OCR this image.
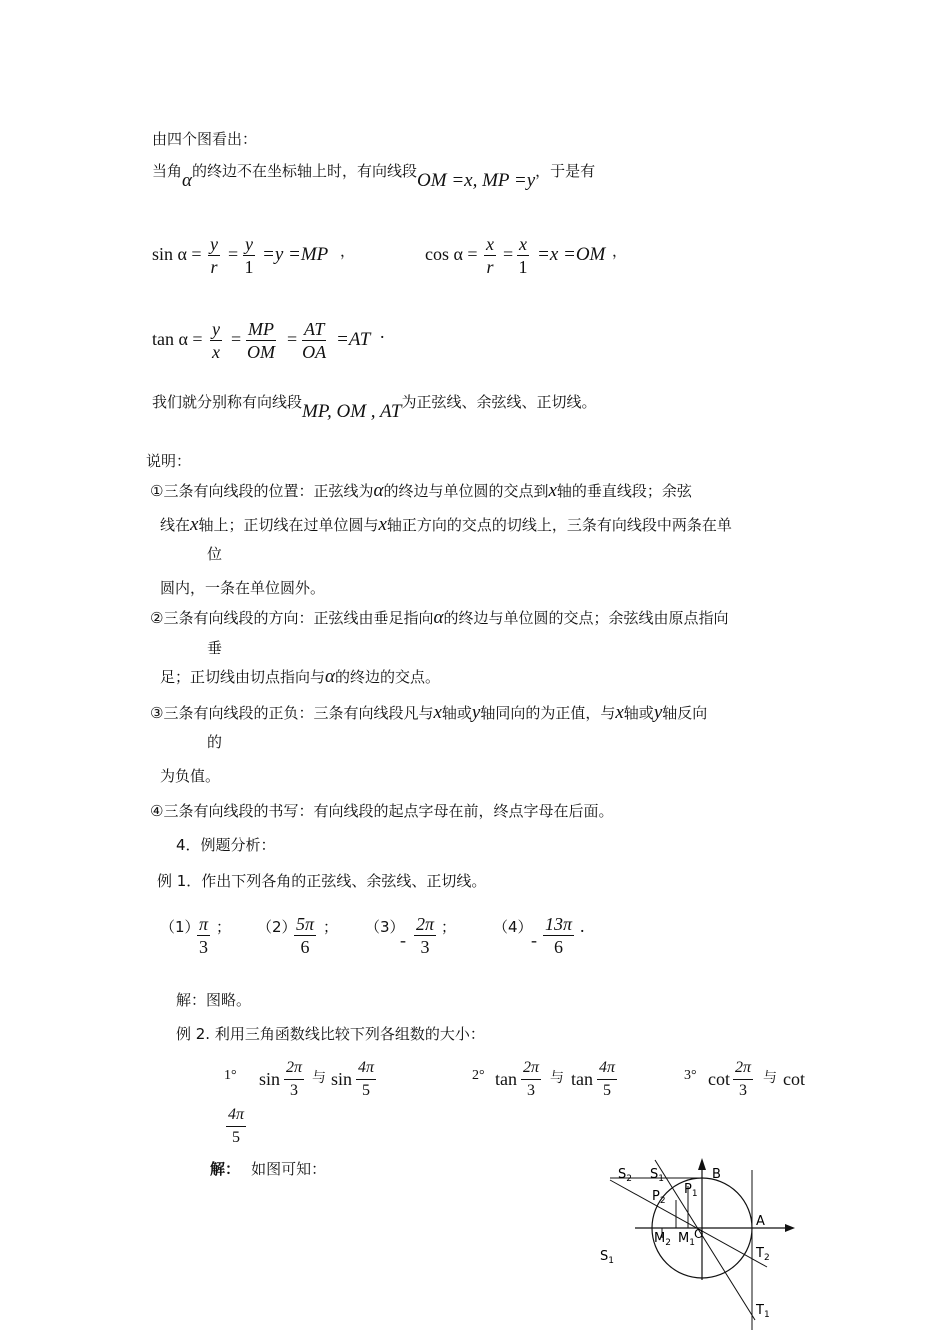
由四个图看出：
当角α的终边不在坐标轴上时，有向线段OM =x, MP =y，于是有
$\sin \alpha = \frac{y}{r} = \frac{y}{1} =y =MP$ ，	$\cos \alpha = \frac{x}{r} = \frac{x}{1} =x =OM$ ，
$\tan \alpha = \frac{y}{x} = \frac{MP}{OM} = \frac{AT}{OA} =AT$ .
我们就分别称有向线段MP, OM , AT为正弦线、余弦线、正切线。
说明：
①三条有向线段的位置：正弦线为α的终边与单位圆的交点到x轴的垂直线段；余弦
线在x轴上；正切线在过单位圆与x轴正方向的交点的切线上，三条有向线段中两条在单
位
圆内，一条在单位圆外。
②三条有向线段的方向：正弦线由垂足指向α的终边与单位圆的交点；余弦线由原点指向
垂
足；正切线由切点指向与α的终边的交点。
③三条有向线段的正负：三条有向线段凡与x轴或y轴同向的为正值，与x轴或y轴反向
的
为负值。
④三条有向线段的书写：有向线段的起点字母在前，终点字母在后面。
4．例题分析：
例 1．作出下列各角的正弦线、余弦线、正切线。
（1）
$\frac{\pi}{3}$ ； （2）
$\frac{5\pi}{6}$ ； （3）
- $\frac{2\pi}{3}$ ； （4）
- $\frac{13\pi}{6}$ .
解：图略。
例 2. 利用三角函数线比较下列各组数的大小：
1° $\sin \frac{2\pi}{3}$ 与 $\sin \frac{4\pi}{5}$	2° $\tan \frac{2\pi}{3}$ 与 $\tan \frac{4\pi}{5}$	3° $\cot \frac{2\pi}{3}$ 与 cot
$\frac{4\pi}{5}$
解： 如图可知：	$S_2$ $S_1$	B
$P_1$
$P_2$
A
$M_2$ $M_1$
O
$T_2$
$S_1$
$T_1$
